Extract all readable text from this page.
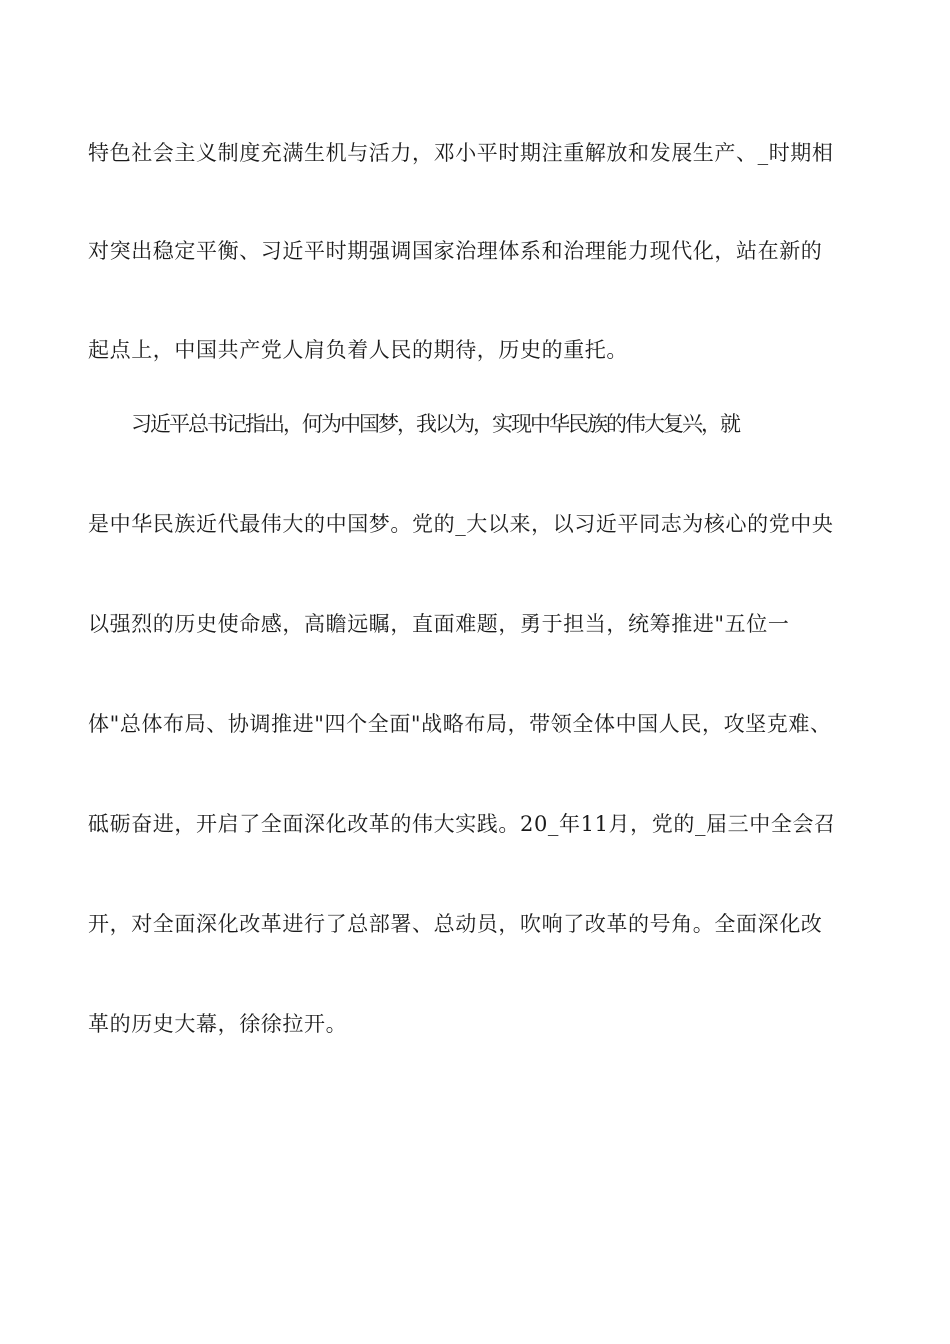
特色社会主义制度充满生机与活力，邓小平时期注重解放和发展生产、_时期相

对突出稳定平衡、习近平时期强调国家治理体系和治理能力现代化，站在新的

起点上，中国共产党人肩负着人民的期待，历史的重托。

习近平总书记指出，何为中国梦，我以为，实现中华民族的伟大复兴，就

是中华民族近代最伟大的中国梦。党的_大以来，以习近平同志为核心的党中央

以强烈的历史使命感，高瞻远瞩，直面难题，勇于担当，统筹推进"五位一

体"总体布局、协调推进"四个全面"战略布局，带领全体中国人民，攻坚克难、

砥砺奋进，开启了全面深化改革的伟大实践。20_年11月，党的_届三中全会召

开，对全面深化改革进行了总部署、总动员，吹响了改革的号角。全面深化改

革的历史大幕，徐徐拉开。
